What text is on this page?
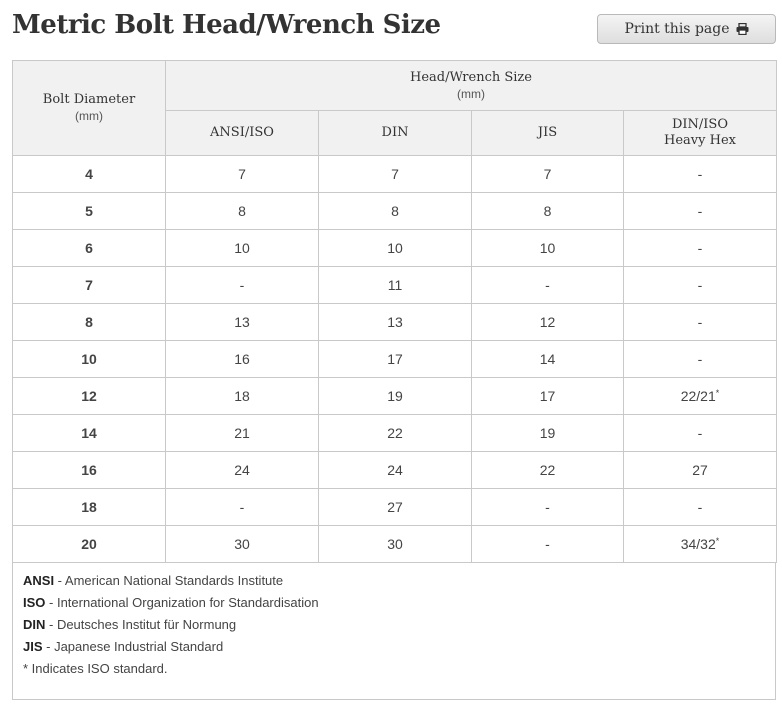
Metric Bolt Head/Wrench Size	Print this page
Bolt Diameter
(mm)	Head/Wrench Size
(mm)			

	ANSI/ISO	DIN	JIS	DIN/ISO
Heavy Hex
4	7	7	7	-
5	8	8	8	-
6	10	10	10	-
7	-	11	-	-
8	13	13	12	-
10	16	17	14	-
12	18	19	17	22/21*
14	21	22	19	-
16	24	24	22	27
18	-	27	-	-
20	30	30	-	34/32*
ANSI - American National Standards Institute
ISO - International Organization for Standardisation
DIN - Deutsches Institut für Normung
JIS - Japanese Industrial Standard
* Indicates ISO standard.
